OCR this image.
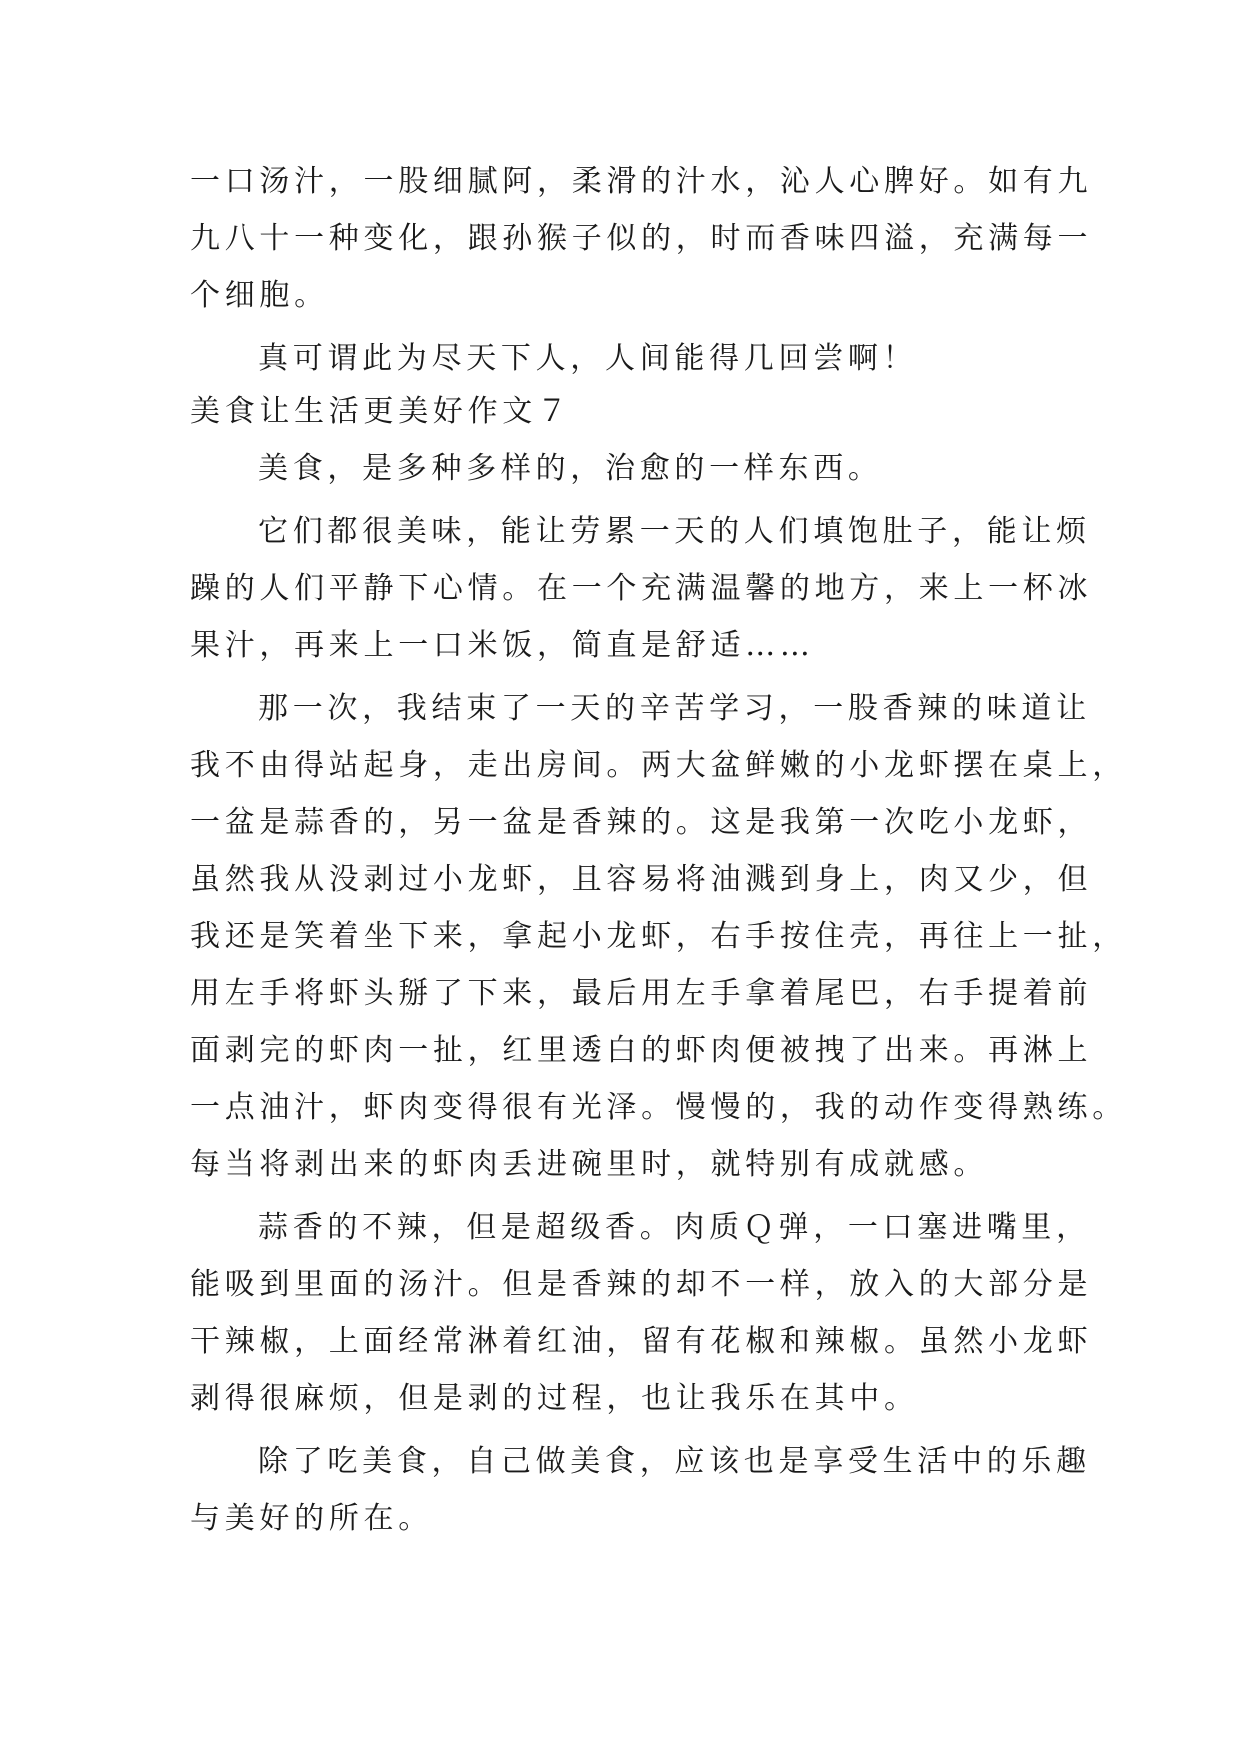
一口汤汁，一股细腻阿，柔滑的汁水，沁人心脾好。如有九
九八十一种变化，跟孙猴子似的，时而香味四溢，充满每一
个细胞。
真可谓此为尽天下人，人间能得几回尝啊！
美食让生活更美好作文７
美食，是多种多样的，治愈的一样东西。
它们都很美味，能让劳累一天的人们填饱肚子，能让烦
躁的人们平静下心情。在一个充满温馨的地方，来上一杯冰
果汁，再来上一口米饭，简直是舒适……
那一次，我结束了一天的辛苦学习，一股香辣的味道让
我不由得站起身，走出房间。两大盆鲜嫩的小龙虾摆在桌上，
一盆是蒜香的，另一盆是香辣的。这是我第一次吃小龙虾，
虽然我从没剥过小龙虾，且容易将油溅到身上，肉又少，但
我还是笑着坐下来，拿起小龙虾，右手按住壳，再往上一扯，
用左手将虾头掰了下来，最后用左手拿着尾巴，右手提着前
面剥完的虾肉一扯，红里透白的虾肉便被拽了出来。再淋上
一点油汁，虾肉变得很有光泽。慢慢的，我的动作变得熟练。
每当将剥出来的虾肉丢进碗里时，就特别有成就感。
蒜香的不辣，但是超级香。肉质Ｑ弹，一口塞进嘴里，
能吸到里面的汤汁。但是香辣的却不一样，放入的大部分是
干辣椒，上面经常淋着红油，留有花椒和辣椒。虽然小龙虾
剥得很麻烦，但是剥的过程，也让我乐在其中。
除了吃美食，自己做美食，应该也是享受生活中的乐趣
与美好的所在。
